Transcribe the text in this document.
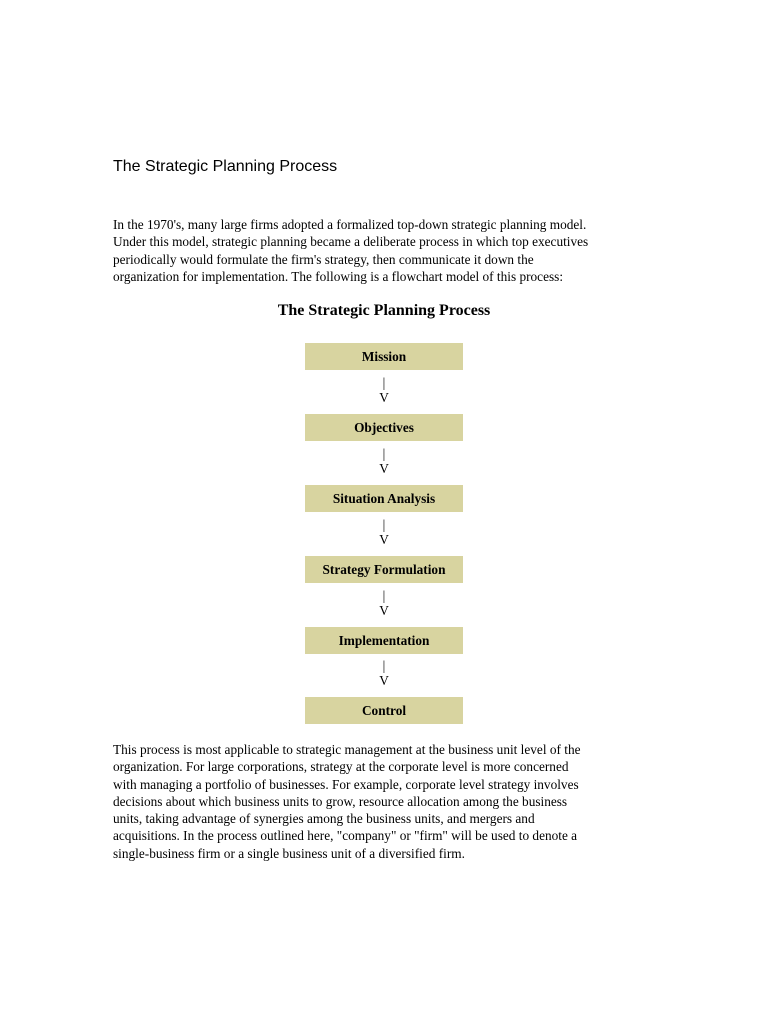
The Strategic Planning Process

In the 1970's, many large firms adopted a formalized top-down strategic planning model.
Under this model, strategic planning became a deliberate process in which top executives
periodically would formulate the firm's strategy, then communicate it down the
organization for implementation. The following is a flowchart model of this process:

The Strategic Planning Process
Mission
|
V
Objectives
|
V
Situation Analysis
|
V
Strategy Formulation
|
V
Implementation
|
V
Control

This process is most applicable to strategic management at the business unit level of the
organization. For large corporations, strategy at the corporate level is more concerned
with managing a portfolio of businesses. For example, corporate level strategy involves
decisions about which business units to grow, resource allocation among the business
units, taking advantage of synergies among the business units, and mergers and
acquisitions. In the process outlined here, "company" or "firm" will be used to denote a
single-business firm or a single business unit of a diversified firm.
